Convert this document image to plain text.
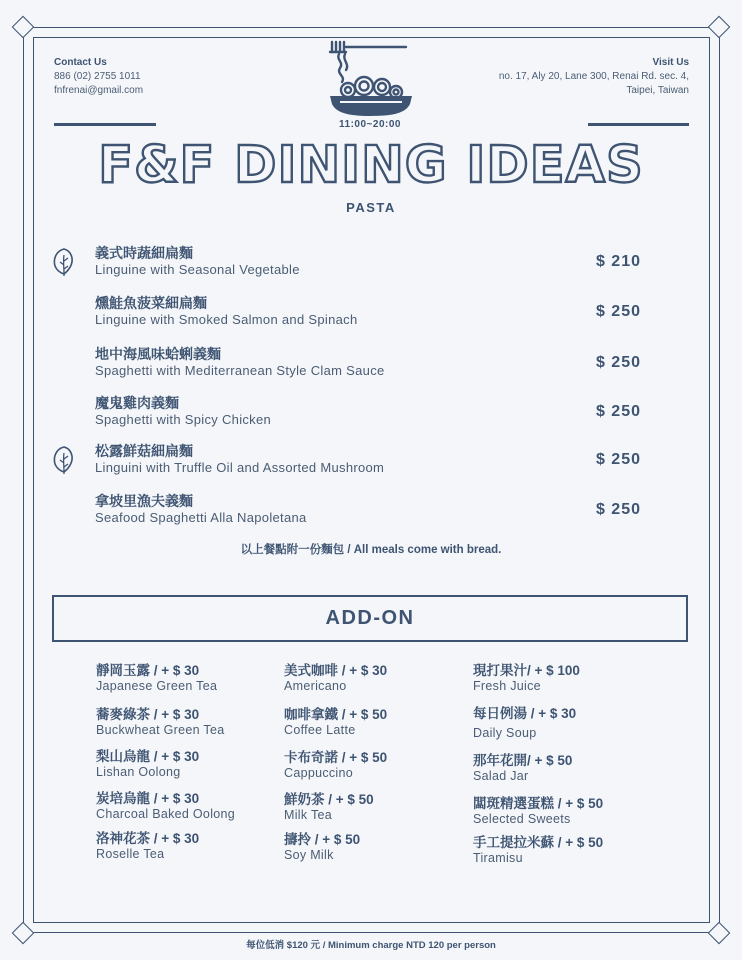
Contact Us
886 (02) 2755 1011
fnfrenai@gmail.com
Visit Us
no. 17, Aly 20, Lane 300, Renai Rd. sec. 4,
Taipei, Taiwan
11:00~20:00
F&F DINING IDEAS
PASTA
義式時蔬細扁麵
Linguine with Seasonal Vegetable	$ 210
燻鮭魚菠菜細扁麵
Linguine with Smoked Salmon and Spinach	$ 250
地中海風味蛤蜊義麵
Spaghetti with Mediterranean Style Clam Sauce	$ 250
魔鬼雞肉義麵
Spaghetti with Spicy Chicken	$ 250
松露鮮菇細扁麵
Linguini with Truffle Oil and Assorted Mushroom	$ 250
拿坡里漁夫義麵
Seafood Spaghetti Alla Napoletana	$ 250
以上餐點附一份麵包 / All meals come with bread.
ADD-ON
靜岡玉露 / + $ 30
Japanese Green Tea
蕎麥綠茶 / + $ 30
Buckwheat Green Tea
梨山烏龍 / + $ 30
Lishan Oolong
炭培烏龍 / + $ 30
Charcoal Baked Oolong
洛神花茶 / + $ 30
Roselle Tea
美式咖啡 / + $ 30
Americano
咖啡拿鐵 / + $ 50
Coffee Latte
卡布奇諾 / + $ 50
Cappuccino
鮮奶茶 / + $ 50
Milk Tea
擣拎 / + $ 50
Soy Milk
現打果汁/ + $ 100
Fresh Juice
每日例湯 / + $ 30
Daily Soup
那年花開/ + $ 50
Salad Jar
闆斑精選蛋糕 / + $ 50
Selected Sweets
手工提拉米蘇 / + $ 50
Tiramisu
每位低消 $120 元 / Minimum charge NTD 120 per person
